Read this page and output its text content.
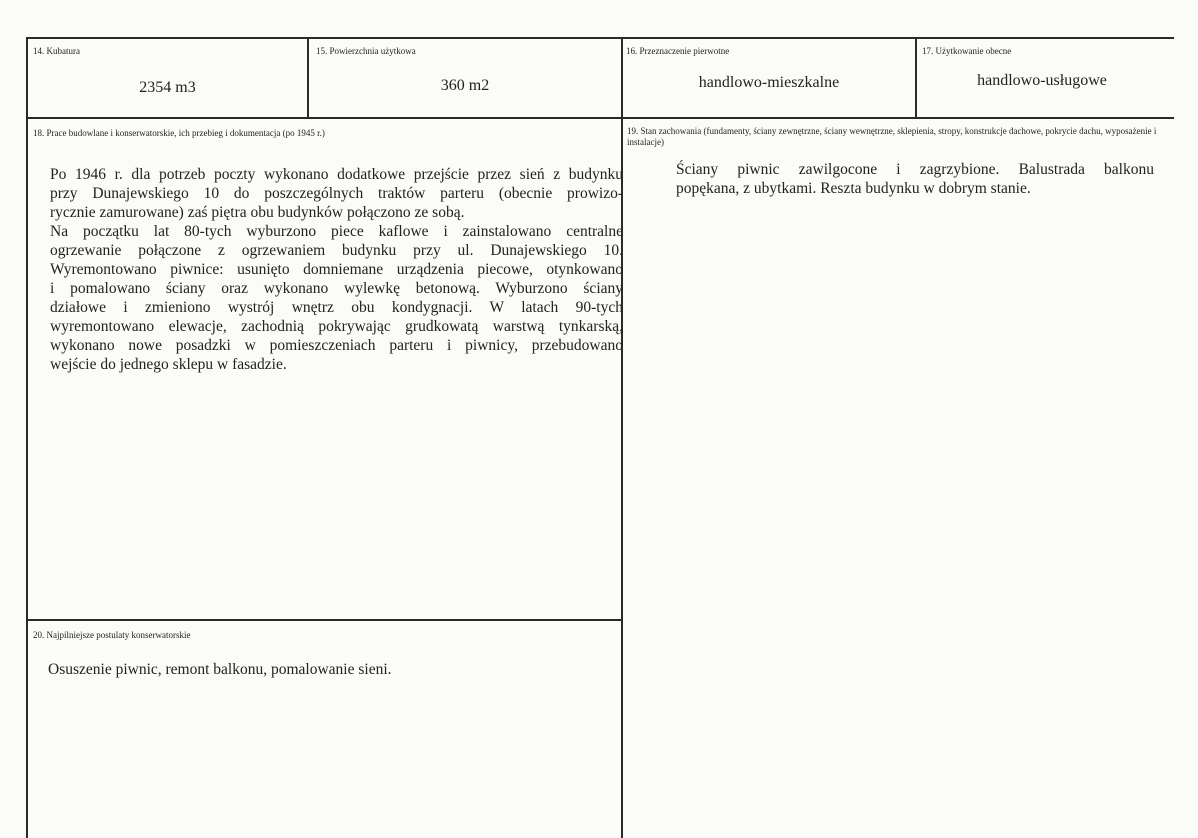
14. Kubatura
2354 m3
15. Powierzchnia użytkowa
360 m2
16. Przeznaczenie pierwotne
handlowo-mieszkalne
17. Użytkowanie obecne
handlowo-usługowe
18. Prace budowlane i konserwatorskie, ich przebieg i dokumentacja (po 1945 r.)
Po 1946 r. dla potrzeb poczty wykonano dodatkowe przejście przez sień z budynku
przy Dunajewskiego 10 do poszczególnych traktów parteru (obecnie prowizo-
rycznie zamurowane) zaś piętra obu budynków połączono ze sobą.
Na początku lat 80-tych wyburzono piece kaflowe i zainstalowano centralne
ogrzewanie połączone z ogrzewaniem budynku przy ul. Dunajewskiego 10.
Wyremontowano piwnice: usunięto domniemane urządzenia piecowe, otynkowano
i pomalowano ściany oraz wykonano wylewkę betonową. Wyburzono ściany
działowe i zmieniono wystrój wnętrz obu kondygnacji. W latach 90-tych
wyremontowano elewacje, zachodnią pokrywając grudkowatą warstwą tynkarską,
wykonano nowe posadzki w pomieszczeniach parteru i piwnicy, przebudowano
wejście do jednego sklepu w fasadzie.
19. Stan zachowania (fundamenty, ściany zewnętrzne, ściany wewnętrzne, sklepienia, stropy, konstrukcje dachowe, pokrycie dachu, wyposażenie i instalacje)
Ściany piwnic zawilgocone i zagrzybione. Balustrada balkonu
popękana, z ubytkami. Reszta budynku w dobrym stanie.
20. Najpilniejsze postulaty konserwatorskie
Osuszenie piwnic, remont balkonu, pomalowanie sieni.
